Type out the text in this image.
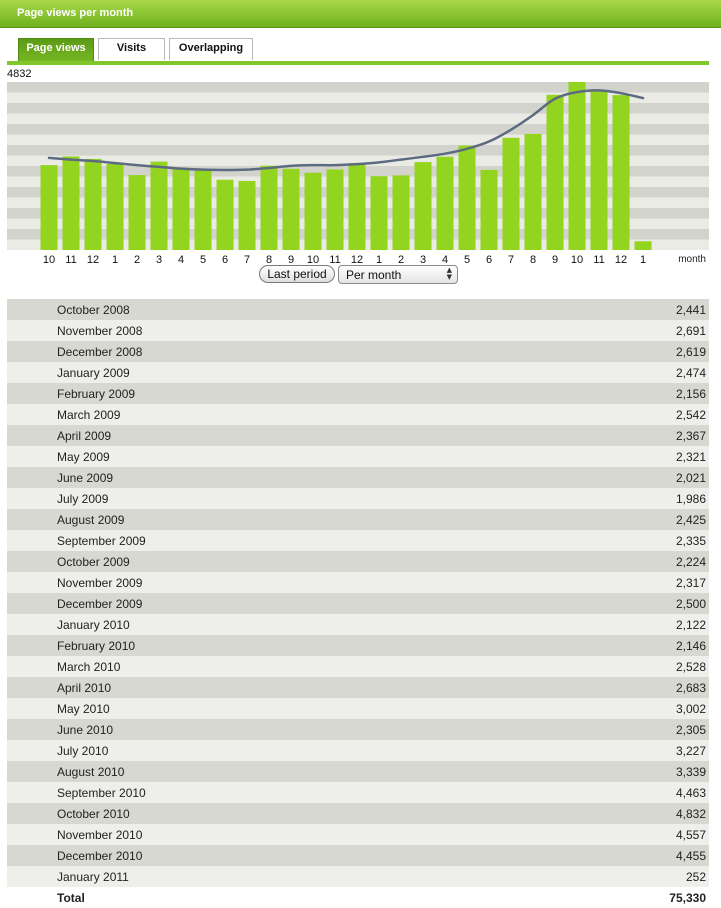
Page views per month
Page views	Visits	Overlapping
10 11 12 1 2 3 4 5 6 7 8 9 10 11 12 1 2 3 4 5 6 7 8 9 10 11 12 1	month
4832
Last period	Per month	▲
▼
October 2008	2,441
November 2008	2,691
December 2008	2,619
January 2009	2,474
February 2009	2,156
March 2009	2,542
April 2009	2,367
May 2009	2,321
June 2009	2,021
July 2009	1,986
August 2009	2,425
September 2009	2,335
October 2009	2,224
November 2009	2,317
December 2009	2,500
January 2010	2,122
February 2010	2,146
March 2010	2,528
April 2010	2,683
May 2010	3,002
June 2010	2,305
July 2010	3,227
August 2010	3,339
September 2010	4,463
October 2010	4,832
November 2010	4,557
December 2010	4,455
January 2011	252
Total	75,330
